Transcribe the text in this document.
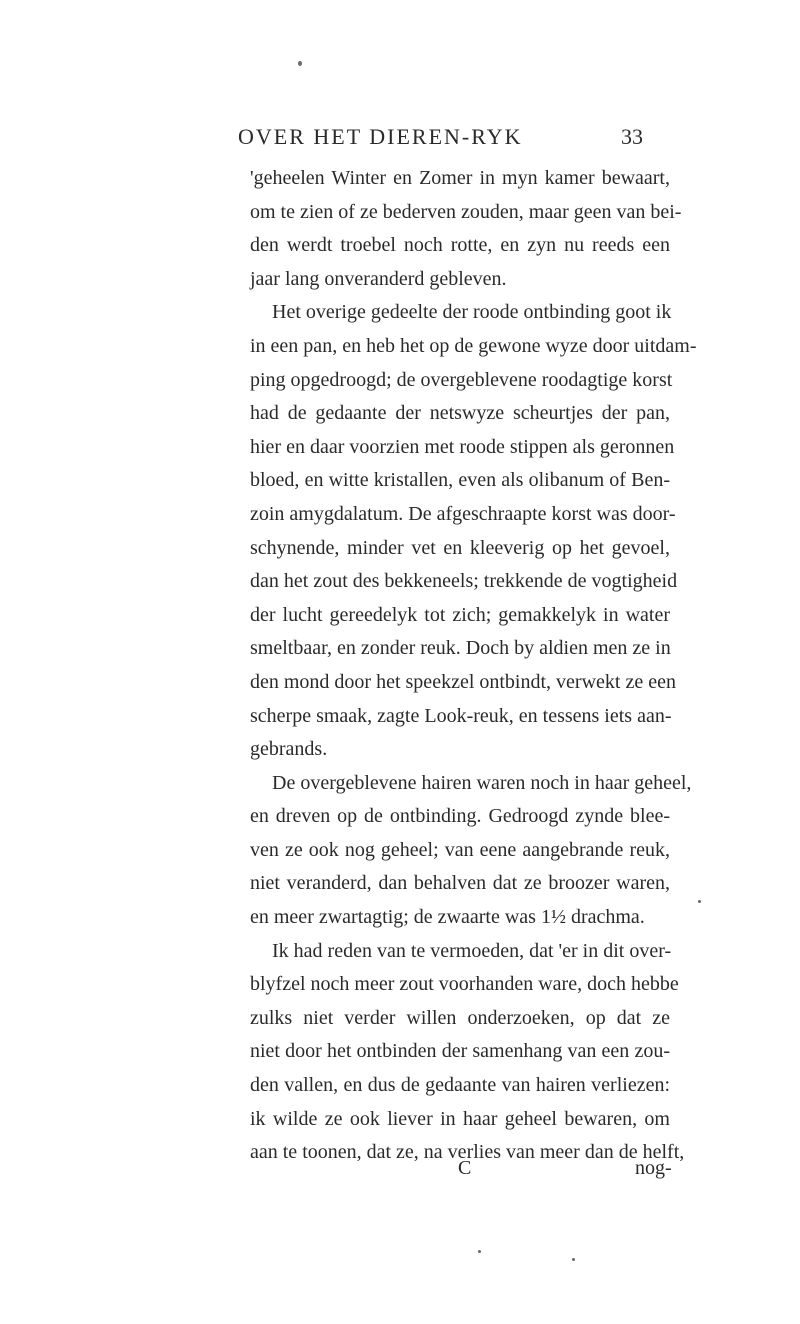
OVER HET DIEREN-RYK	33
'geheelen Winter en Zomer in myn kamer bewaart,
om te zien of ze bederven zouden, maar geen van bei-
den werdt troebel noch rotte, en zyn nu reeds een
jaar lang onveranderd gebleven.
Het overige gedeelte der roode ontbinding goot ik
in een pan, en heb het op de gewone wyze door uitdam-
ping opgedroogd; de overgeblevene roodagtige korst
had de gedaante der netswyze scheurtjes der pan,
hier en daar voorzien met roode stippen als geronnen
bloed, en witte kristallen, even als olibanum of Ben-
zoin amygdalatum. De afgeschraapte korst was door-
schynende, minder vet en kleeverig op het gevoel,
dan het zout des bekkeneels; trekkende de vogtigheid
der lucht gereedelyk tot zich; gemakkelyk in water
smeltbaar, en zonder reuk. Doch by aldien men ze in
den mond door het speekzel ontbindt, verwekt ze een
scherpe smaak, zagte Look-reuk, en tessens iets aan-
gebrands.
De overgeblevene hairen waren noch in haar geheel,
en dreven op de ontbinding. Gedroogd zynde blee-
ven ze ook nog geheel; van eene aangebrande reuk,
niet veranderd, dan behalven dat ze broozer waren,
en meer zwartagtig; de zwaarte was 1½ drachma.
Ik had reden van te vermoeden, dat 'er in dit over-
blyfzel noch meer zout voorhanden ware, doch hebbe
zulks niet verder willen onderzoeken, op dat ze
niet door het ontbinden der samenhang van een zou-
den vallen, en dus de gedaante van hairen verliezen:
ik wilde ze ook liever in haar geheel bewaren, om
aan te toonen, dat ze, na verlies van meer dan de helft,
C	nog-
